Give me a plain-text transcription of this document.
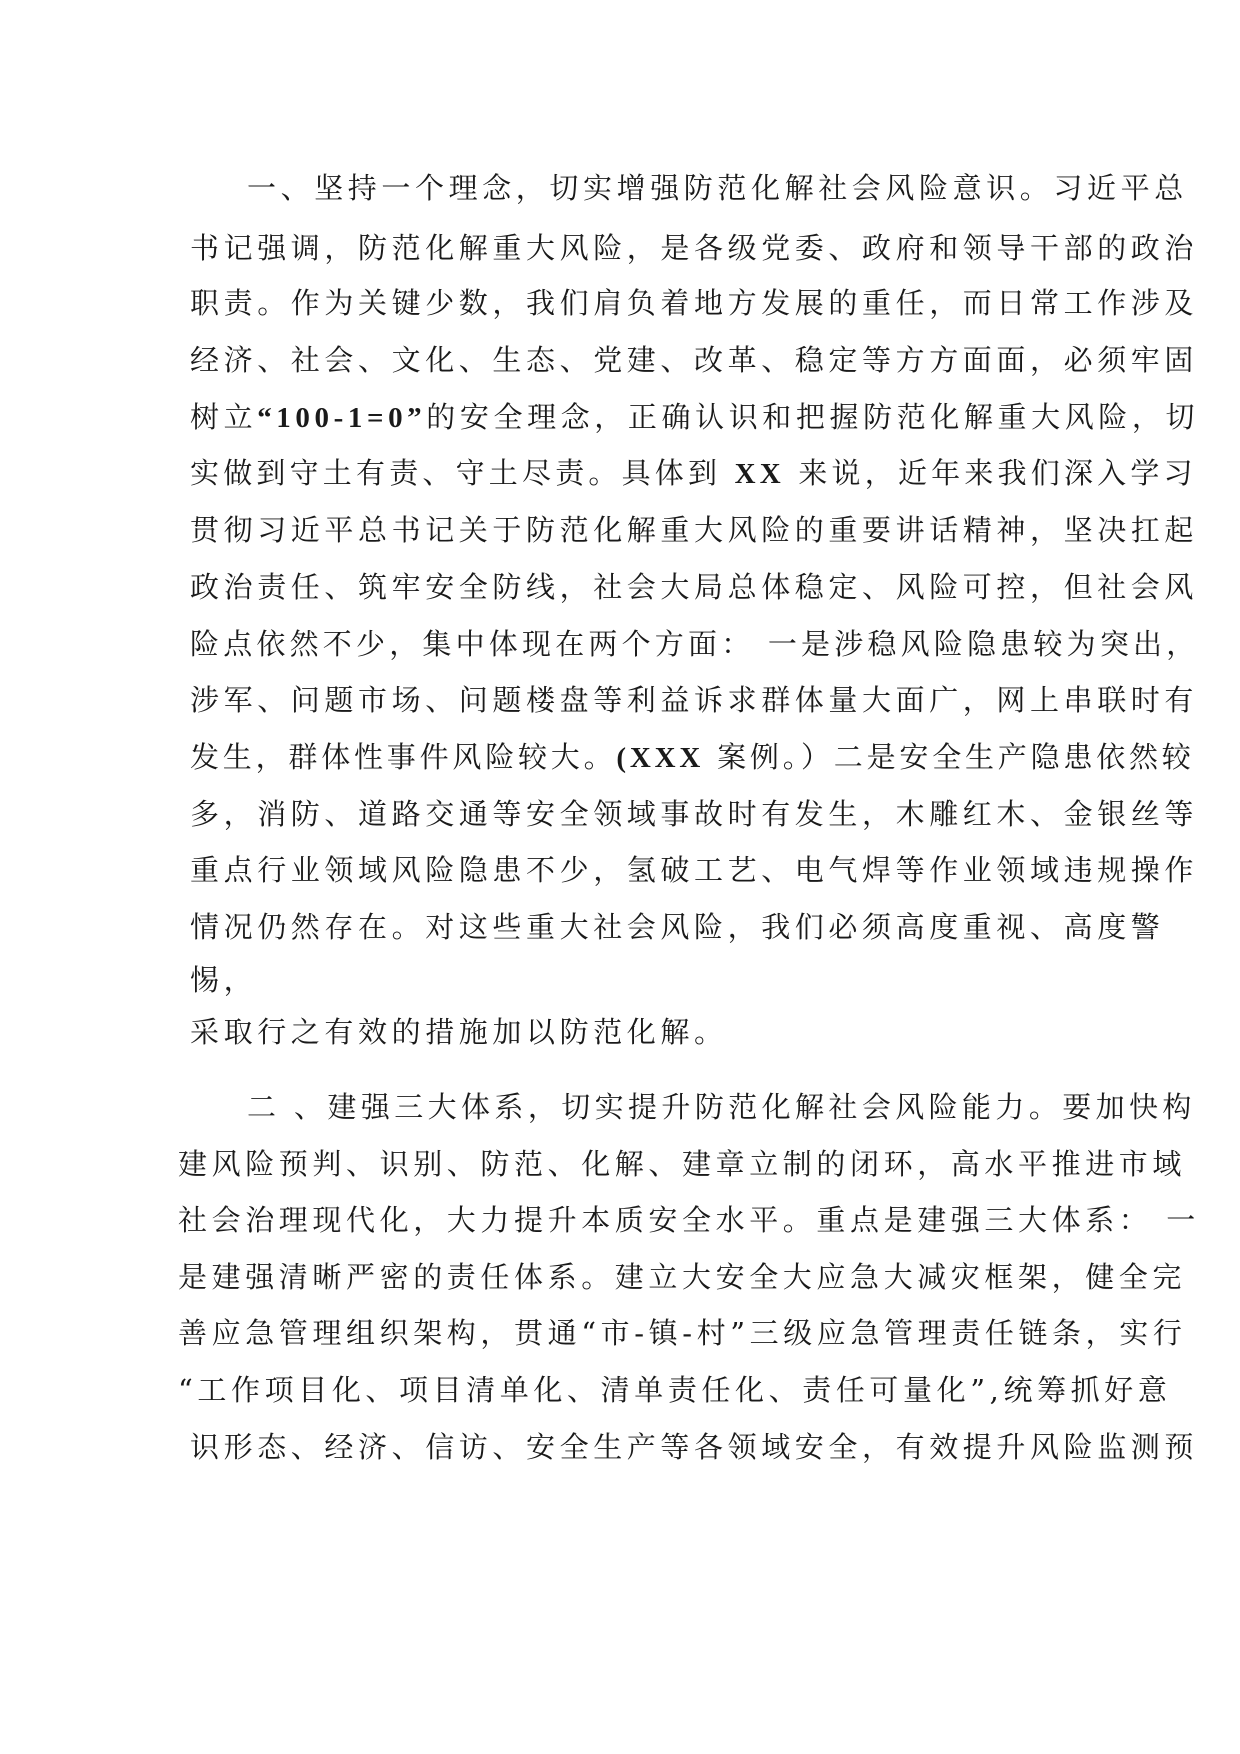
一、坚持一个理念，切实增强防范化解社会风险意识。习近平总

书记强调，防范化解重大风险，是各级党委、政府和领导干部的政治

职责。作为关键少数，我们肩负着地方发展的重任，而日常工作涉及

经济、社会、文化、生态、党建、改革、稳定等方方面面，必须牢固

树立“100-1=0”的安全理念，正确认识和把握防范化解重大风险，切

实做到守土有责、守土尽责。具体到 XX 来说，近年来我们深入学习

贯彻习近平总书记关于防范化解重大风险的重要讲话精神，坚决扛起

政治责任、筑牢安全防线，社会大局总体稳定、风险可控，但社会风

险点依然不少，集中体现在两个方面： 一是涉稳风险隐患较为突出，

涉军、问题市场、问题楼盘等利益诉求群体量大面广，网上串联时有

发生，群体性事件风险较大。(XXX 案例。）二是安全生产隐患依然较

多，消防、道路交通等安全领域事故时有发生，木雕红木、金银丝等

重点行业领域风险隐患不少，氢破工艺、电气焊等作业领域违规操作

情况仍然存在。对这些重大社会风险，我们必须高度重视、高度警

惕，

采取行之有效的措施加以防范化解。

二 、建强三大体系，切实提升防范化解社会风险能力。要加快构

建风险预判、识别、防范、化解、建章立制的闭环，高水平推进市域

社会治理现代化，大力提升本质安全水平。重点是建强三大体系： 一

是建强清晰严密的责任体系。建立大安全大应急大减灾框架，健全完

善应急管理组织架构，贯通“市-镇-村”三级应急管理责任链条，实行

“工作项目化、项目清单化、清单责任化、责任可量化”,统筹抓好意

识形态、经济、信访、安全生产等各领域安全，有效提升风险监测预
